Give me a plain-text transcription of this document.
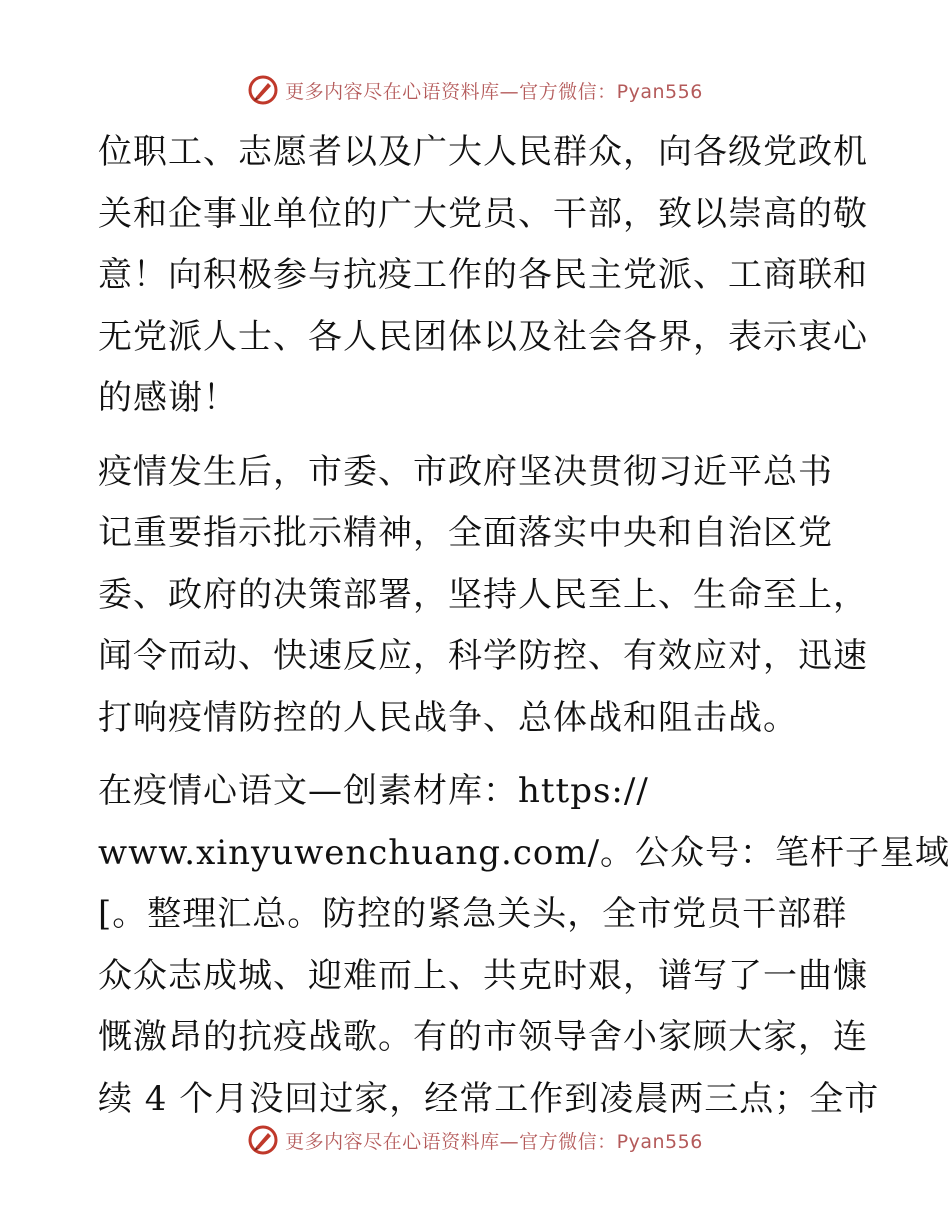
更多内容尽在心语资料库—官方微信：Pyan556

位职工、志愿者以及广大人民群众，向各级党政机
关和企事业单位的广大党员、干部，致以崇高的敬
意！向积极参与抗疫工作的各民主党派、工商联和
无党派人士、各人民团体以及社会各界，表示衷心
的感谢！

疫情发生后，市委、市政府坚决贯彻习近平总书
记重要指示批示精神，全面落实中央和自治区党
委、政府的决策部署，坚持人民至上、生命至上，
闻令而动、快速反应，科学防控、有效应对，迅速
打响疫情防控的人民战争、总体战和阻击战。

在疫情心语文—创素材库：https://
www.xinyuwenchuang.com/。公众号：笔杆子星域
[。整理汇总。防控的紧急关头，全市党员干部群
众众志成城、迎难而上、共克时艰，谱写了一曲慷
慨激昂的抗疫战歌。有的市领导舍小家顾大家，连
续 4 个月没回过家，经常工作到凌晨两三点；全市

更多内容尽在心语资料库—官方微信：Pyan556
